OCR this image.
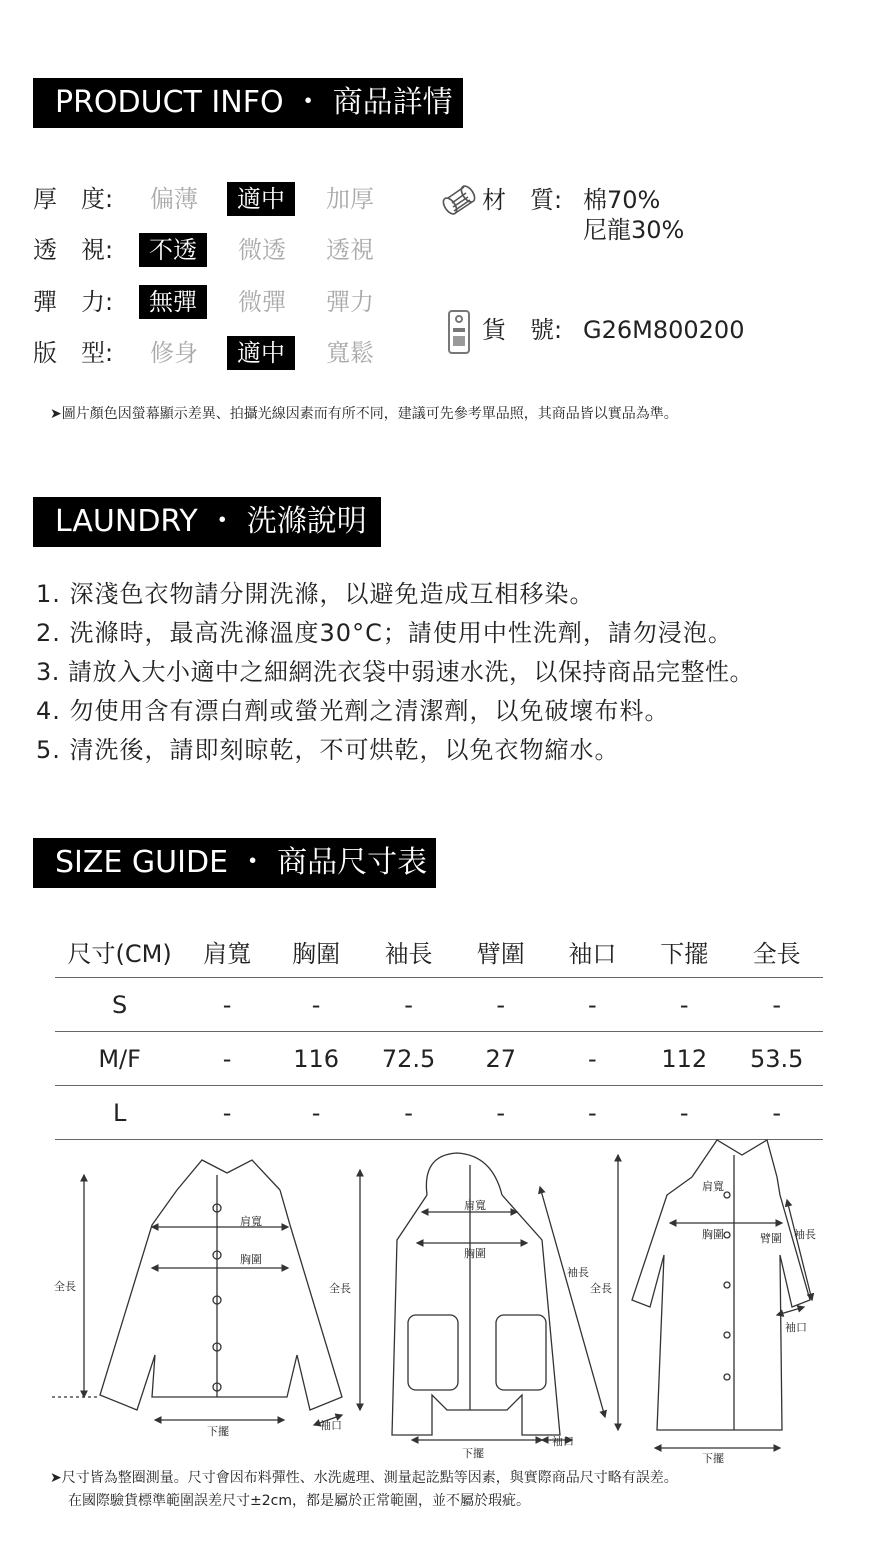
PRODUCT INFO ・ 商品詳情
厚　度:	偏薄	適中	加厚
透　視:	不透	微透	透視
彈　力:	無彈	微彈	彈力
版　型:	修身	適中	寬鬆
材　質: 棉70%
尼龍30%
貨　號: G26M800200
➤圖片顏色因螢幕顯示差異、拍攝光線因素而有所不同，建議可先參考單品照，其商品皆以實品為準。
LAUNDRY ・ 洗滌說明
1. 深淺色衣物請分開洗滌，以避免造成互相移染。
2. 洗滌時，最高洗滌溫度30°C；請使用中性洗劑，請勿浸泡。
3. 請放入大小適中之細網洗衣袋中弱速水洗，以保持商品完整性。
4. 勿使用含有漂白劑或螢光劑之清潔劑，以免破壞布料。
5. 清洗後，請即刻晾乾，不可烘乾，以免衣物縮水。
SIZE GUIDE ・ 商品尺寸表
尺寸(CM)	肩寬	胸圍	袖長	臂圍	袖口	下擺	全長
S	-	-	-	-	-	-	-
M/F	-	116	72.5	27	-	112	53.5
L	-	-	-	-	-	-	-
肩寬
胸圍
下擺
全長
袖口
肩寬
胸圍
下擺
全長
袖長
袖口
肩寬
胸圍	臂圍 袖長
下擺
全長
袖口
➤尺寸皆為整圈測量。尺寸會因布料彈性、水洗處理、測量起訖點等因素，與實際商品尺寸略有誤差。
在國際驗貨標準範圍誤差尺寸±2cm，都是屬於正常範圍，並不屬於瑕疵。
